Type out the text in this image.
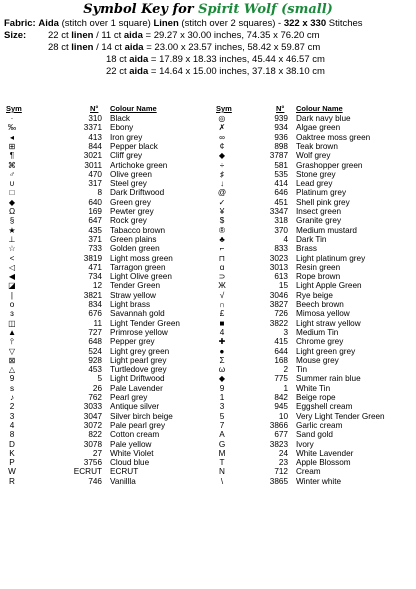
Symbol Key for Spirit Wolf (small)
Fabric: Aida (stitch over 1 square) Linen (stitch over 2 squares) - 322 x 330 Stitches
Size: 22 ct linen / 11 ct aida = 29.27 x 30.00 inches, 74.35 x 76.20 cm
28 ct linen / 14 ct aida = 23.00 x 23.57 inches, 58.42 x 59.87 cm
18 ct aida = 17.89 x 18.33 inches, 45.44 x 46.57 cm
22 ct aida = 14.64 x 15.00 inches, 37.18 x 38.10 cm
Sym	N° Colour Name	Sym	N° Colour Name
·	310 Black
‰	3371 Ebony
◂	413 Iron grey
⊞	844 Pepper black
¶	3021 Cliff grey
⌘	3011 Artichoke green
♂	470 Olive green
∪	317 Steel grey
□	8 Dark Driftwood
◆	640 Green grey
Ω	169 Pewter grey
§	647 Rock grey
★	435 Tabacco brown
⊥	371 Green plains
☆	733 Golden green
<	3819 Light moss green
◁	471 Tarragon green
◀	734 Light Olive green
◪	12 Tender Green
|	3821 Straw yellow
o	834 Light brass
ɜ	676 Savannah gold
◫	11 Light Tender Green
▲	727 Primrose yellow
⫯	648 Pepper grey
▽	524 Light grey green
⊠	928 Light pearl grey
△	453 Turtledove grey
9	5 Light Driftwood
s	26 Pale Lavender
♪	762 Pearl grey
2	3033 Antique silver
3	3047 Silver birch beige
4	3072 Pale pearl grey
8	822 Cotton cream
D	3078 Pale yellow
K	27 White Violet
P	3756 Cloud blue
W	ECRUT ECRUT
R	746 Vanillla
◎	939 Dark navy blue
✗	934 Algae green
∞	936 Oaktree moss green
¢	898 Teak brown
◆	3787 Wolf grey
÷	581 Grashopper green
♯	535 Stone grey
↓	414 Lead grey
@	646 Platinum grey
✓	451 Shell pink grey
¥	3347 Insect green
$	318 Granite grey
®	370 Medium mustard
♣	4 Dark Tin
⌐	833 Brass
⊓	3023 Light platinum grey
ɑ	3013 Resin green
⊃	613 Rope brown
Ж	15 Light Apple Green
√	3046 Rye beige
∩	3827 Beech brown
£	726 Mimosa yellow
■	3822 Light straw yellow
4	3 Medium Tin
✚	415 Chrome grey
●	644 Light green grey
Σ	168 Mouse grey
ω	2 Tin
◆	775 Summer rain blue
9	1 White Tin
1	842 Beige rope
3	945 Eggshell cream
5	10 Very Light Tender Green
7	3866 Garlic cream
A	677 Sand gold
G	3823 Ivory
M	24 White Lavender
T	23 Apple Blossom
N	712 Cream
\	3865 Winter white
